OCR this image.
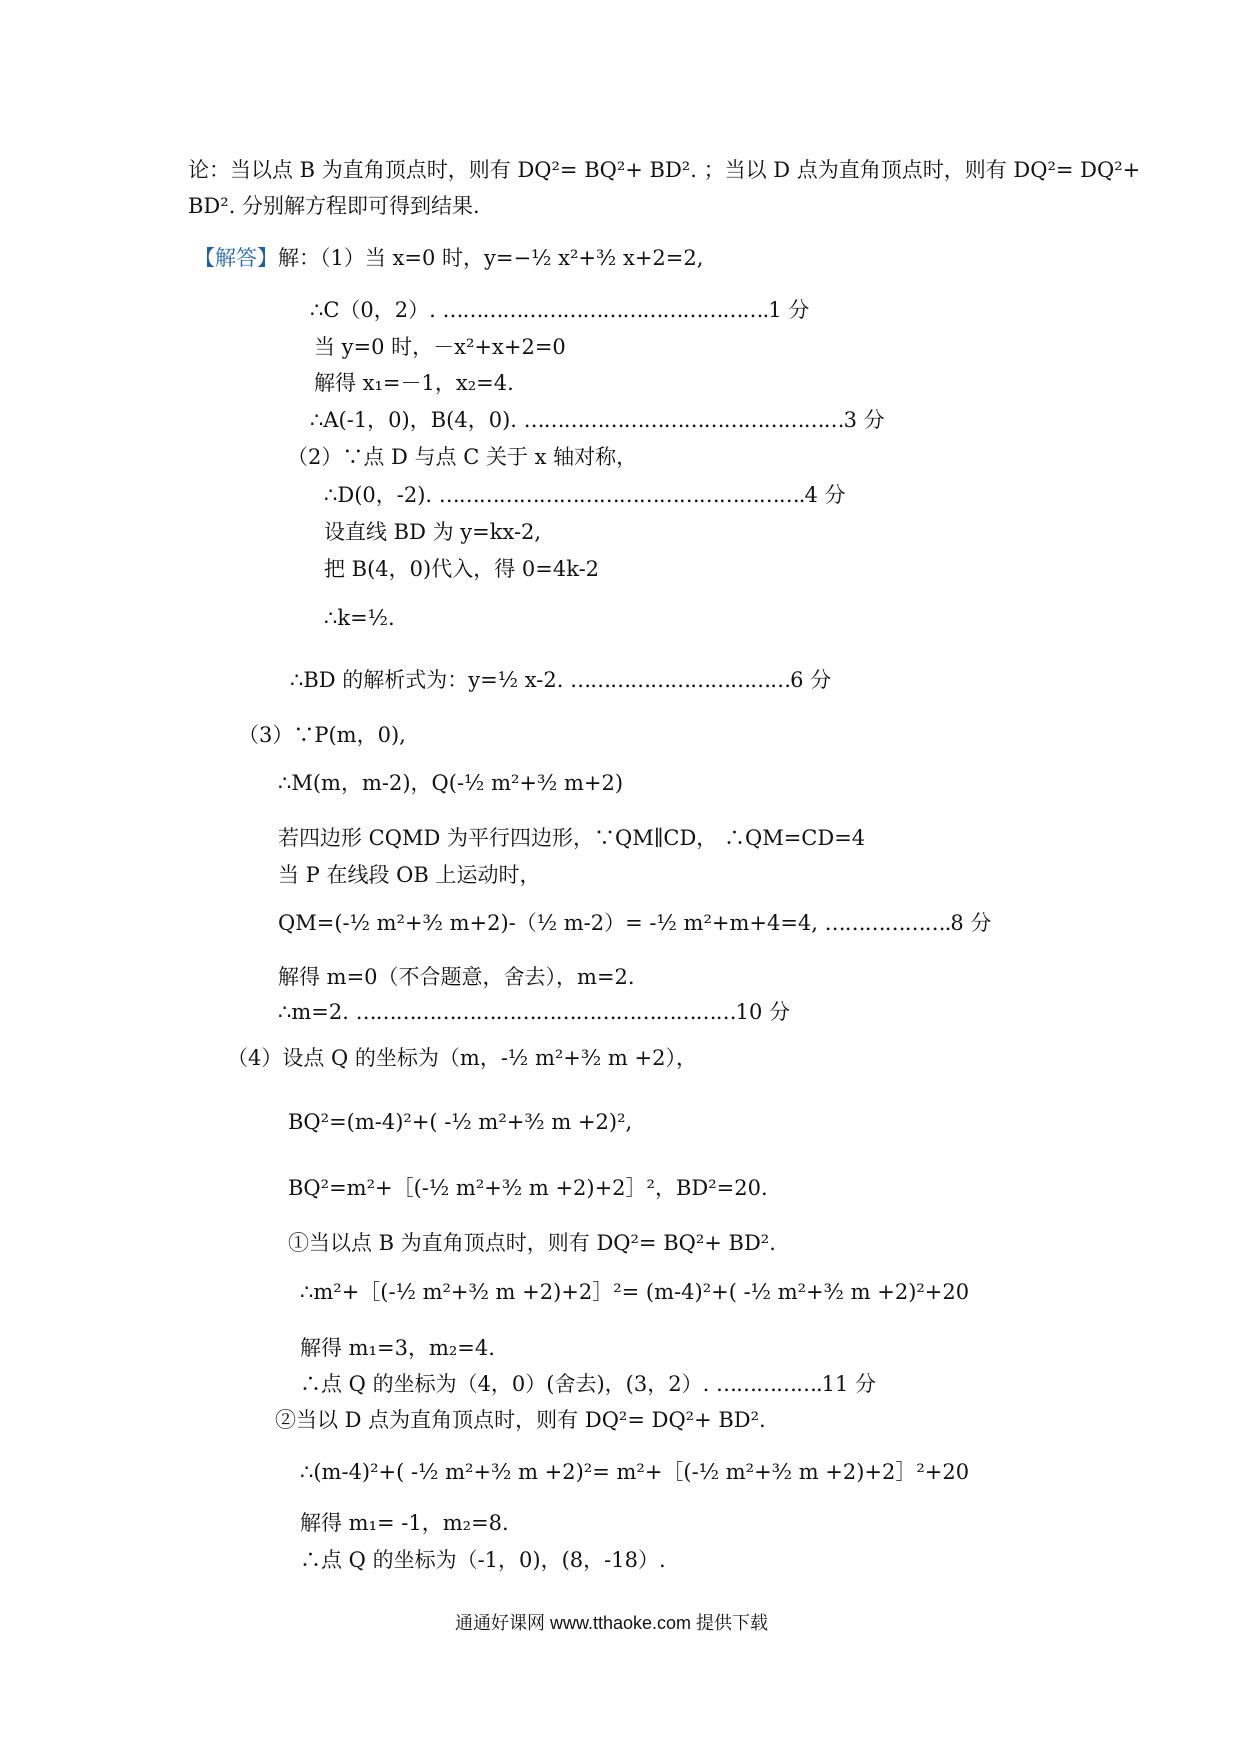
论：当以点 B 为直角顶点时，则有 DQ²= BQ²+ BD². ；当以 D 点为直角顶点时，则有 DQ²= DQ²+
BD². 分别解方程即可得到结果.
【解答】解：（1）当 x=0 时，y=−½ x²+³⁄₂ x+2=2,
∴C（0，2）. ………………………………………….1 分
当 y=0 时，－x²+x+2=0
解得 x₁=－1，x₂=4.
∴A(-1，0)，B(4，0). …………………………………………3 分
（2）∵点 D 与点 C 关于 x 轴对称，
∴D(0，-2). ……………………………………………….4 分
设直线 BD 为 y=kx-2,
把 B(4，0)代入，得 0=4k-2
∴k=½.
∴BD 的解析式为：y=½ x-2. ……………………………6 分
（3）∵P(m，0),
∴M(m，m-2)，Q(-½ m²+³⁄₂ m+2)
若四边形 CQMD 为平行四边形，∵QM∥CD， ∴QM=CD=4
当 P 在线段 OB 上运动时，
QM=(-½ m²+³⁄₂ m+2)-（½ m-2）= -½ m²+m+4=4, ……………….8 分
解得 m=0（不合题意，舍去），m=2.
∴m=2. …………………………………………………10 分
（4）设点 Q 的坐标为（m，-½ m²+³⁄₂ m +2），
BQ²=(m-4)²+( -½ m²+³⁄₂ m +2)²,
BQ²=m²+［(-½ m²+³⁄₂ m +2)+2］²，BD²=20.
①当以点 B 为直角顶点时，则有 DQ²= BQ²+ BD².
∴m²+［(-½ m²+³⁄₂ m +2)+2］²= (m-4)²+( -½ m²+³⁄₂ m +2)²+20
解得 m₁=3，m₂=4.
∴点 Q 的坐标为（4，0）(舍去)，(3，2）. …………….11 分
②当以 D 点为直角顶点时，则有 DQ²= DQ²+ BD².
∴(m-4)²+( -½ m²+³⁄₂ m +2)²= m²+［(-½ m²+³⁄₂ m +2)+2］²+20
解得 m₁= -1，m₂=8.
∴点 Q 的坐标为（-1，0)，(8，-18）.
通通好课网 www.tthaoke.com 提供下载
